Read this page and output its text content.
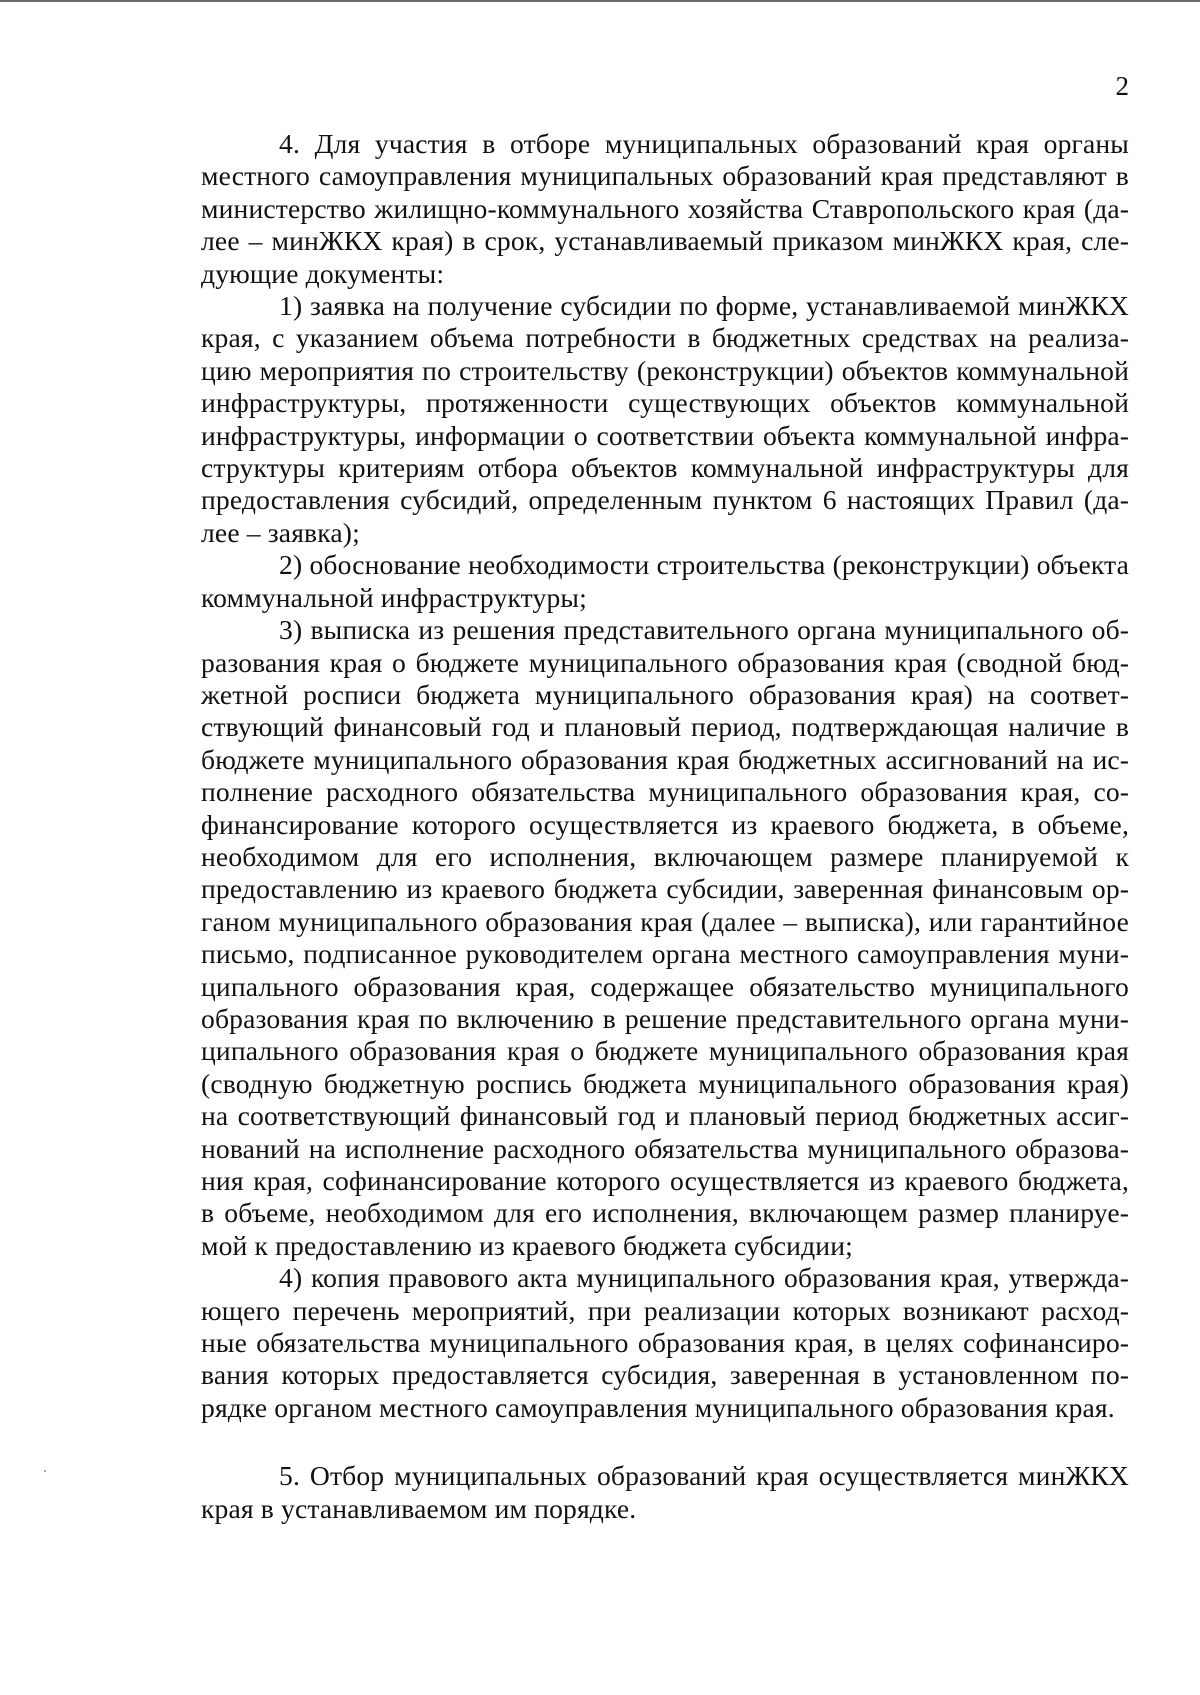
2

4. Для участия в отборе муниципальных образований края органы местного самоуправления муниципальных образований края представляют в министерство жилищно-коммунального хозяйства Ставропольского края (далее – минЖКХ края) в срок, устанавливаемый приказом минЖКХ края, следующие документы:

1) заявка на получение субсидии по форме, устанавливаемой минЖКХ края, с указанием объема потребности в бюджетных средствах на реализацию мероприятия по строительству (реконструкции) объектов коммунальной инфраструктуры, протяженности существующих объектов коммунальной инфраструктуры, информации о соответствии объекта коммунальной инфраструктуры критериям отбора объектов коммунальной инфраструктуры для предоставления субсидий, определенным пунктом 6 настоящих Правил (далее – заявка);

2) обоснование необходимости строительства (реконструкции) объекта коммунальной инфраструктуры;

3) выписка из решения представительного органа муниципального образования края о бюджете муниципального образования края (сводной бюджетной росписи бюджета муниципального образования края) на соответствующий финансовый год и плановый период, подтверждающая наличие в бюджете муниципального образования края бюджетных ассигнований на исполнение расходного обязательства муниципального образования края, софинансирование которого осуществляется из краевого бюджета, в объеме, необходимом для его исполнения, включающем размере планируемой к предоставлению из краевого бюджета субсидии, заверенная финансовым органом муниципального образования края (далее – выписка), или гарантийное письмо, подписанное руководителем органа местного самоуправления муниципального образования края, содержащее обязательство муниципального образования края по включению в решение представительного органа муниципального образования края о бюджете муниципального образования края (сводную бюджетную роспись бюджета муниципального образования края) на соответствующий финансовый год и плановый период бюджетных ассигнований на исполнение расходного обязательства муниципального образования края, софинансирование которого осуществляется из краевого бюджета, в объеме, необходимом для его исполнения, включающем размер планируемой к предоставлению из краевого бюджета субсидии;

4) копия правового акта муниципального образования края, утверждающего перечень мероприятий, при реализации которых возникают расходные обязательства муниципального образования края, в целях софинансирования которых предоставляется субсидия, заверенная в установленном порядке органом местного самоуправления муниципального образования края.

5. Отбор муниципальных образований края осуществляется минЖКХ края в устанавливаемом им порядке.
